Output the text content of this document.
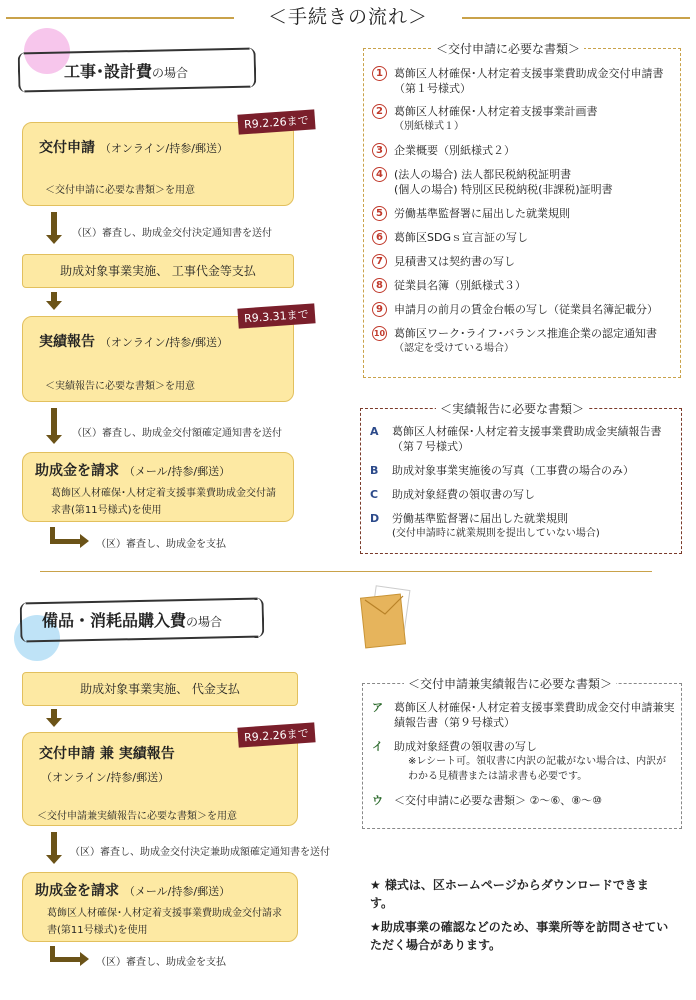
＜手続きの流れ＞
工事･設計費の場合
交付申請 （オンライン/持参/郵送）
＜交付申請に必要な書類＞を用意
R9.2.26まで
（区）審査し、助成金交付決定通知書を送付
助成対象事業実施、 工事代金等支払
実績報告 （オンライン/持参/郵送）
＜実績報告に必要な書類＞を用意
R9.3.31まで
（区）審査し、助成金交付額確定通知書を送付
助成金を請求 （メール/持参/郵送）
葛飾区人材確保･人材定着支援事業費助成金交付請求書(第11号様式)を使用
（区）審査し、助成金を支払
＜交付申請に必要な書類＞
1	葛飾区人材確保･人材定着支援事業費助成金交付申請書（第１号様式）
2	葛飾区人材確保･人材定着支援事業計画書
（別紙様式１）
3	企業概要（別紙様式２）
4	(法人の場合) 法人都民税納税証明書
(個人の場合) 特別区民税納税(非課税)証明書
5	労働基準監督署に届出した就業規則
6	葛飾区SDGｓ宣言証の写し
7	見積書又は契約書の写し
8	従業員名簿（別紙様式３）
9	申請月の前月の賃金台帳の写し（従業員名簿記載分）
10 葛飾区ワーク･ライフ･バランス推進企業の認定通知書
（認定を受けている場合）
＜実績報告に必要な書類＞
A 葛飾区人材確保･人材定着支援事業費助成金実績報告書（第７号様式）
B 助成対象事業実施後の写真（工事費の場合のみ）
C 助成対象経費の領収書の写し
D 労働基準監督署に届出した就業規則
(交付申請時に就業規則を提出していない場合)
備品・消耗品購入費の場合
助成対象事業実施、 代金支払
交付申請 兼 実績報告
（オンライン/持参/郵送）
＜交付申請兼実績報告に必要な書類＞を用意
R9.2.26まで
（区）審査し、助成金交付決定兼助成額確定通知書を送付
助成金を請求 （メール/持参/郵送）
葛飾区人材確保･人材定着支援事業費助成金交付請求書(第11号様式)を使用
（区）審査し、助成金を支払
＜交付申請兼実績報告に必要な書類＞
ア 葛飾区人材確保･人材定着支援事業費助成金交付申請兼実績報告書（第９号様式）
イ 助成対象経費の領収書の写し
※レシート可。領収書に内訳の記載がない場合は、内訳がわかる見積書または請求書も必要です。
ウ ＜交付申請に必要な書類＞ ②～⑥、⑧～⑩

★ 様式は、区ホームページからダウンロードできます。

★助成事業の確認などのため、事業所等を訪問させていただく場合があります。
